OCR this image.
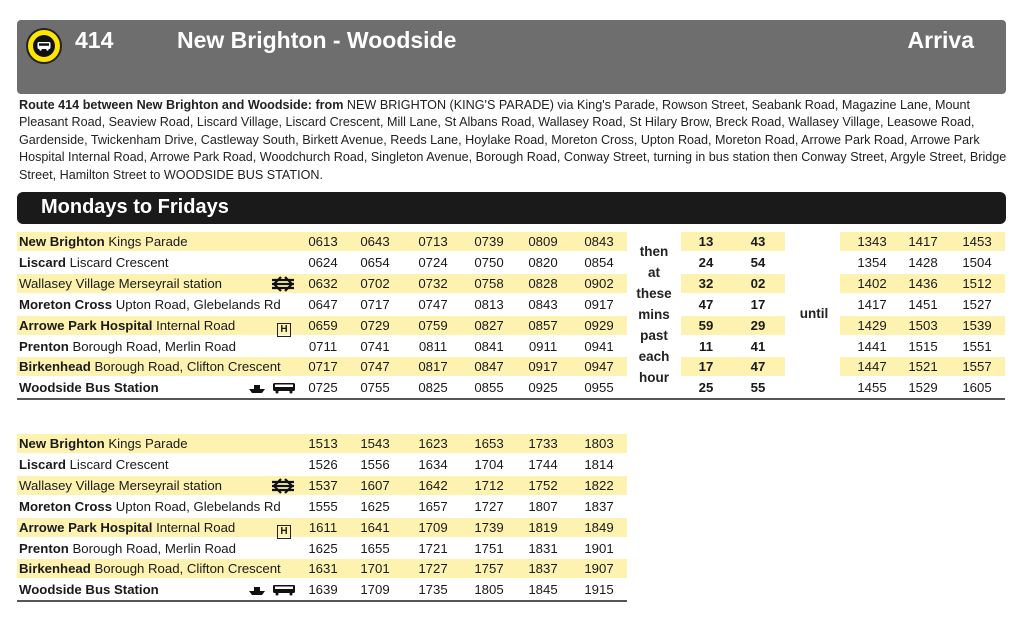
414	New Brighton - Woodside	Arriva
Route 414 between New Brighton and Woodside: from NEW BRIGHTON (KING'S PARADE) via King's Parade, Rowson Street, Seabank Road, Magazine Lane, Mount Pleasant Road, Seaview Road, Liscard Village, Liscard Crescent, Mill Lane, St Albans Road, Wallasey Road, St Hilary Brow, Breck Road, Wallasey Village, Leasowe Road, Gardenside, Twickenham Drive, Castleway South, Birkett Avenue, Reeds Lane, Hoylake Road, Moreton Cross, Upton Road, Moreton Road, Arrowe Park Road, Arrowe Park Hospital Internal Road, Arrowe Park Road, Woodchurch Road, Singleton Avenue, Borough Road, Conway Street, turning in bus station then Conway Street, Argyle Street, Bridge Street, Hamilton Street to WOODSIDE BUS STATION.
Mondays to Fridays
New Brighton Kings Parade	0613	0643	0713	0739	0809	0843	13	43	1343	1417	1453
Liscard Liscard Crescent	0624	0654	0724	0750	0820	0854	24	54	1354	1428	1504
Wallasey Village Merseyrail station	0632	0702	0732	0758	0828	0902	32	02	1402	1436	1512
Moreton Cross Upton Road, Glebelands Rd	0647	0717	0747	0813	0843	0917	47	17	1417	1451	1527
Arrowe Park Hospital Internal Road	H	0659	0729	0759	0827	0857	0929	59	29	1429	1503	1539
Prenton Borough Road, Merlin Road	0711	0741	0811	0841	0911	0941	11	41	1441	1515	1551
Birkenhead Borough Road, Clifton Crescent	0717	0747	0817	0847	0917	0947	17	47	1447	1521	1557
Woodside Bus Station	0725	0755	0825	0855	0925	0955	25	55	1455	1529	1605
New Brighton Kings Parade	1513	1543	1623	1653	1733	1803
Liscard Liscard Crescent	1526	1556	1634	1704	1744	1814
Wallasey Village Merseyrail station	1537	1607	1642	1712	1752	1822
Moreton Cross Upton Road, Glebelands Rd	1555	1625	1657	1727	1807	1837
Arrowe Park Hospital Internal Road	H	1611	1641	1709	1739	1819	1849
Prenton Borough Road, Merlin Road	1625	1655	1721	1751	1831	1901
Birkenhead Borough Road, Clifton Crescent	1631	1701	1727	1757	1837	1907
Woodside Bus Station	1639	1709	1735	1805	1845	1915
then
at
these
mins
past
each
hour
until
